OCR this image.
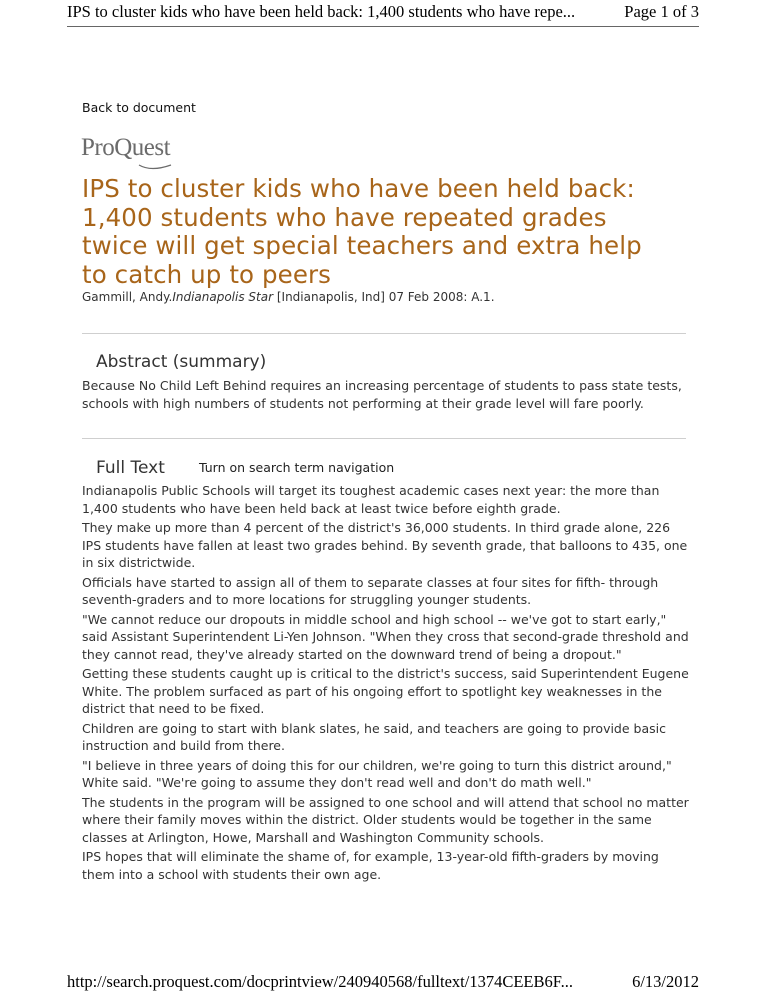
IPS to cluster kids who have been held back: 1,400 students who have repe...	Page 1 of 3
Back to document
ProQuest
IPS to cluster kids who have been held back:
1,400 students who have repeated grades
twice will get special teachers and extra help
to catch up to peers
Gammill, Andy.Indianapolis Star [Indianapolis, Ind] 07 Feb 2008: A.1.
Abstract (summary)

Because No Child Left Behind requires an increasing percentage of students to pass state tests, schools with high numbers of students not performing at their grade level will fare poorly.

Full Text	Turn on search term navigation

Indianapolis Public Schools will target its toughest academic cases next year: the more than 1,400 students who have been held back at least twice before eighth grade.

They make up more than 4 percent of the district's 36,000 students. In third grade alone, 226 IPS students have fallen at least two grades behind. By seventh grade, that balloons to 435, one in six districtwide.

Officials have started to assign all of them to separate classes at four sites for fifth- through seventh-graders and to more locations for struggling younger students.

"We cannot reduce our dropouts in middle school and high school -- we've got to start early," said Assistant Superintendent Li-Yen Johnson. "When they cross that second-grade threshold and they cannot read, they've already started on the downward trend of being a dropout."

Getting these students caught up is critical to the district's success, said Superintendent Eugene White. The problem surfaced as part of his ongoing effort to spotlight key weaknesses in the district that need to be fixed.

Children are going to start with blank slates, he said, and teachers are going to provide basic instruction and build from there.

"I believe in three years of doing this for our children, we're going to turn this district around," White said. "We're going to assume they don't read well and don't do math well."

The students in the program will be assigned to one school and will attend that school no matter where their family moves within the district. Older students would be together in the same classes at Arlington, Howe, Marshall and Washington Community schools.

IPS hopes that will eliminate the shame of, for example, 13-year-old fifth-graders by moving them into a school with students their own age.

http://search.proquest.com/docprintview/240940568/fulltext/1374CEEB6F...	6/13/2012
